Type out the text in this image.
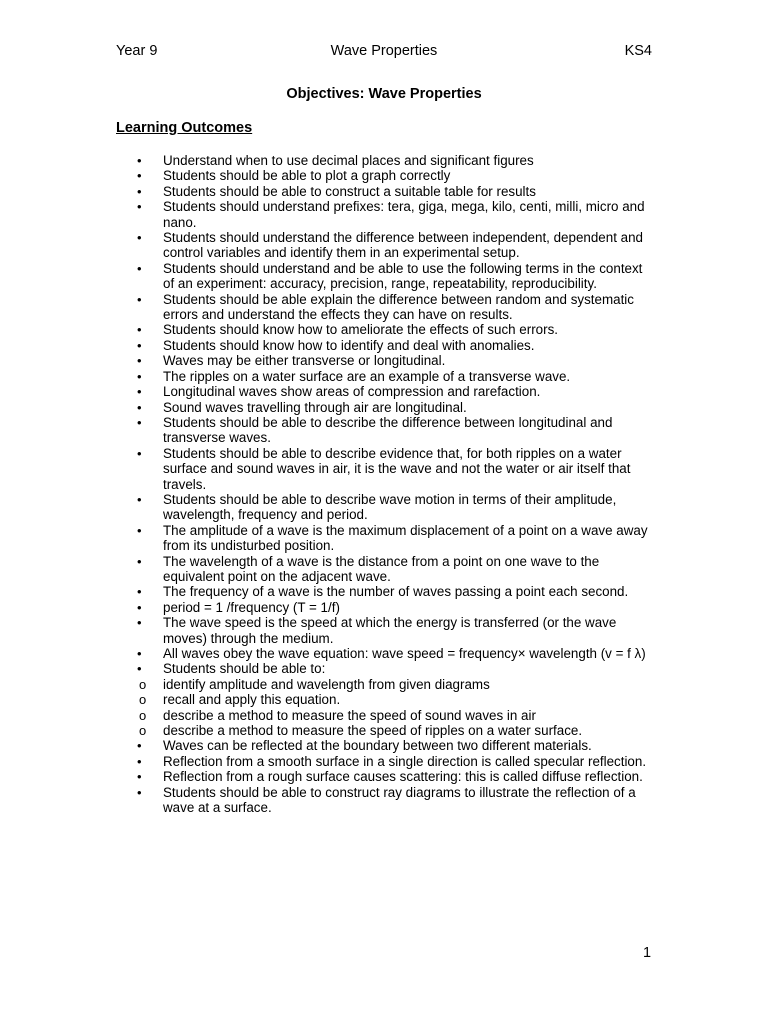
Year 9	Wave Properties	KS4
Objectives: Wave Properties
Learning Outcomes
• Understand when to use decimal places and significant figures
• Students should be able to plot a graph correctly
• Students should be able to construct a suitable table for results
• Students should understand prefixes: tera, giga, mega, kilo, centi, milli, micro and nano.
• Students should understand the difference between independent, dependent and control variables and identify them in an experimental setup.
• Students should understand and be able to use the following terms in the context of an experiment: accuracy, precision, range, repeatability, reproducibility.
• Students should be able explain the difference between random and systematic errors and understand the effects they can have on results.
• Students should know how to ameliorate the effects of such errors.
• Students should know how to identify and deal with anomalies.
• Waves may be either transverse or longitudinal.
• The ripples on a water surface are an example of a transverse wave.
• Longitudinal waves show areas of compression and rarefaction.
• Sound waves travelling through air are longitudinal.
• Students should be able to describe the difference between longitudinal and transverse waves.
• Students should be able to describe evidence that, for both ripples on a water surface and sound waves in air, it is the wave and not the water or air itself that travels.
• Students should be able to describe wave motion in terms of their amplitude, wavelength, frequency and period.
• The amplitude of a wave is the maximum displacement of a point on a wave away from its undisturbed position.
• The wavelength of a wave is the distance from a point on one wave to the equivalent point on the adjacent wave.
• The frequency of a wave is the number of waves passing a point each second.
• period = 1 /frequency (T = 1/f)
• The wave speed is the speed at which the energy is transferred (or the wave moves) through the medium.
• All waves obey the wave equation: wave speed = frequency× wavelength (v = f λ)
• Students should be able to:
o identify amplitude and wavelength from given diagrams
o recall and apply this equation.
o describe a method to measure the speed of sound waves in air
o describe a method to measure the speed of ripples on a water surface.
• Waves can be reflected at the boundary between two different materials.
• Reflection from a smooth surface in a single direction is called specular reflection.
• Reflection from a rough surface causes scattering: this is called diffuse reflection.
• Students should be able to construct ray diagrams to illustrate the reflection of a wave at a surface.
1
